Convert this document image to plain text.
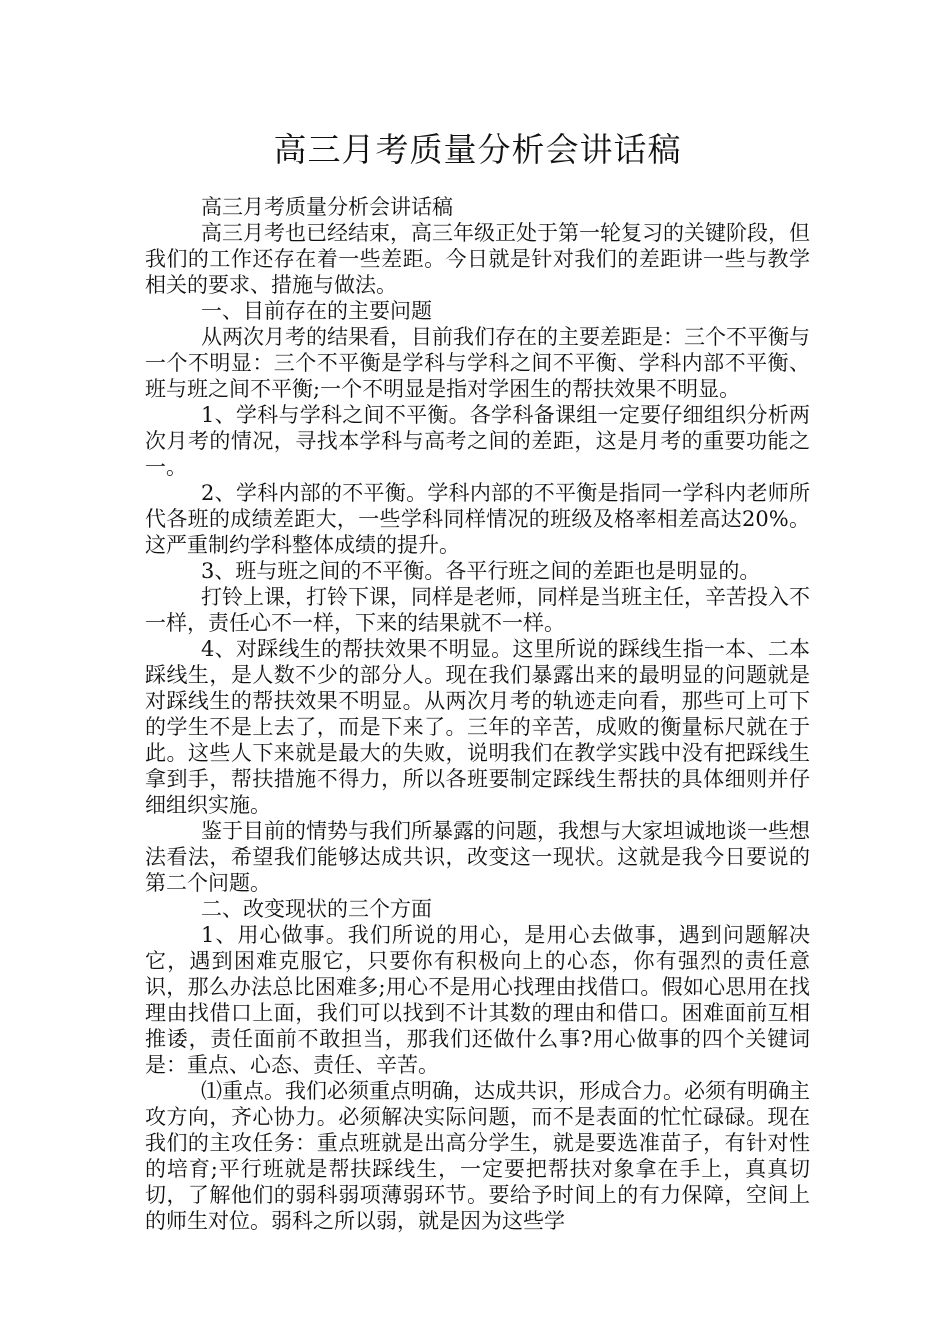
高三月考质量分析会讲话稿

高三月考质量分析会讲话稿

高三月考也已经结束，高三年级正处于第一轮复习的关键阶段，但我们的工作还存在着一些差距。今日就是针对我们的差距讲一些与教学相关的要求、措施与做法。

一、目前存在的主要问题

从两次月考的结果看，目前我们存在的主要差距是：三个不平衡与一个不明显：三个不平衡是学科与学科之间不平衡、学科内部不平衡、班与班之间不平衡;一个不明显是指对学困生的帮扶效果不明显。

1、学科与学科之间不平衡。各学科备课组一定要仔细组织分析两次月考的情况，寻找本学科与高考之间的差距，这是月考的重要功能之一。

2、学科内部的不平衡。学科内部的不平衡是指同一学科内老师所代各班的成绩差距大，一些学科同样情况的班级及格率相差高达20%。这严重制约学科整体成绩的提升。

3、班与班之间的不平衡。各平行班之间的差距也是明显的。

打铃上课，打铃下课，同样是老师，同样是当班主任，辛苦投入不一样，责任心不一样，下来的结果就不一样。

4、对踩线生的帮扶效果不明显。这里所说的踩线生指一本、二本踩线生，是人数不少的部分人。现在我们暴露出来的最明显的问题就是对踩线生的帮扶效果不明显。从两次月考的轨迹走向看，那些可上可下的学生不是上去了，而是下来了。三年的辛苦，成败的衡量标尺就在于此。这些人下来就是最大的失败，说明我们在教学实践中没有把踩线生拿到手，帮扶措施不得力，所以各班要制定踩线生帮扶的具体细则并仔细组织实施。

鉴于目前的情势与我们所暴露的问题，我想与大家坦诚地谈一些想法看法，希望我们能够达成共识，改变这一现状。这就是我今日要说的第二个问题。

二、改变现状的三个方面

1、用心做事。我们所说的用心，是用心去做事，遇到问题解决它，遇到困难克服它，只要你有积极向上的心态，你有强烈的责任意识，那么办法总比困难多;用心不是用心找理由找借口。假如心思用在找理由找借口上面，我们可以找到不计其数的理由和借口。困难面前互相推诿，责任面前不敢担当，那我们还做什么事?用心做事的四个关键词是：重点、心态、责任、辛苦。

⑴重点。我们必须重点明确，达成共识，形成合力。必须有明确主攻方向，齐心协力。必须解决实际问题，而不是表面的忙忙碌碌。现在我们的主攻任务：重点班就是出高分学生，就是要选准苗子，有针对性的培育;平行班就是帮扶踩线生，一定要把帮扶对象拿在手上，真真切切，了解他们的弱科弱项薄弱环节。要给予时间上的有力保障，空间上的师生对位。弱科之所以弱，就是因为这些学
